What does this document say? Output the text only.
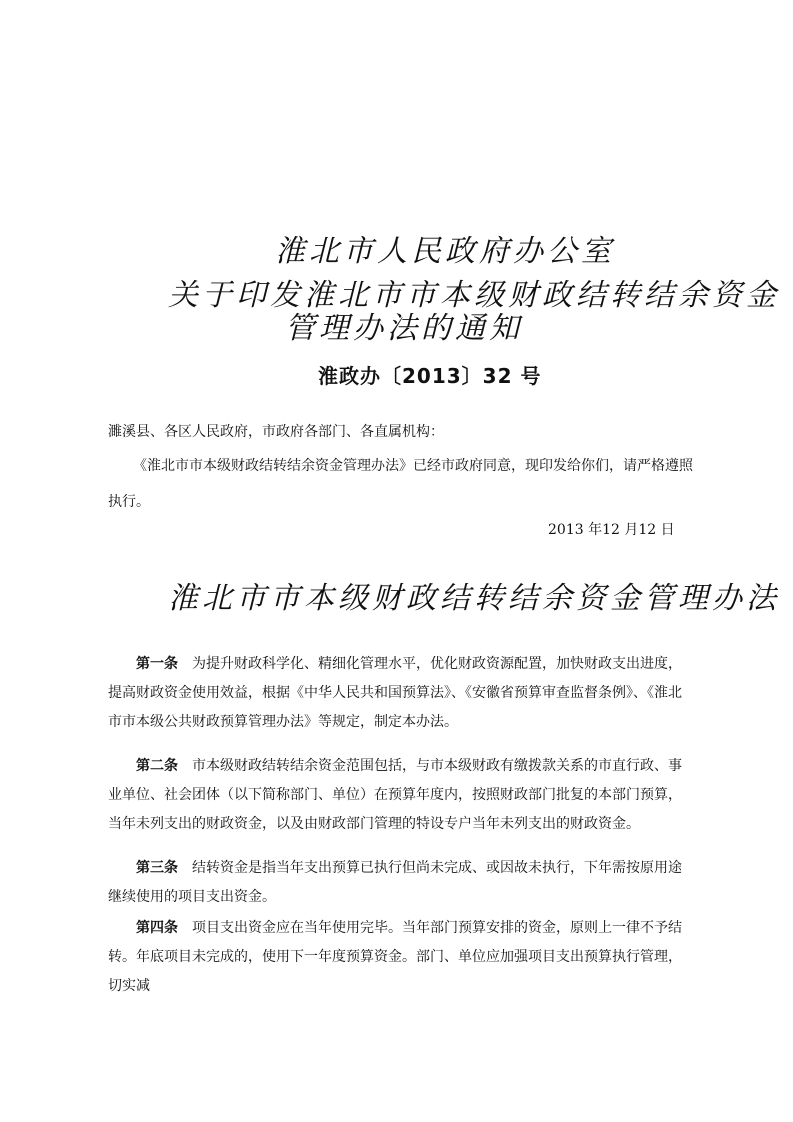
淮北市人民政府办公室
关于印发淮北市市本级财政结转结余资金
管理办法的通知
淮政办〔2013〕32 号
濉溪县、各区人民政府，市政府各部门、各直属机构：
《淮北市市本级财政结转结余资金管理办法》已经市政府同意，现印发给你们，请严格遵照
执行。
2013 年12 月12 日
淮北市市本级财政结转结余资金管理办法
第一条 为提升财政科学化、精细化管理水平，优化财政资源配置，加快财政支出进度，提高财政资金使用效益，根据《中华人民共和国预算法》、《安徽省预算审查监督条例》、《淮北市市本级公共财政预算管理办法》等规定，制定本办法。
第二条 市本级财政结转结余资金范围包括，与市本级财政有缴拨款关系的市直行政、事业单位、社会团体（以下简称部门、单位）在预算年度内，按照财政部门批复的本部门预算，当年未列支出的财政资金，以及由财政部门管理的特设专户当年未列支出的财政资金。
第三条 结转资金是指当年支出预算已执行但尚未完成、或因故未执行，下年需按原用途继续使用的项目支出资金。
第四条 项目支出资金应在当年使用完毕。当年部门预算安排的资金，原则上一律不予结转。年底项目未完成的，使用下一年度预算资金。部门、单位应加强项目支出预算执行管理，切实减
